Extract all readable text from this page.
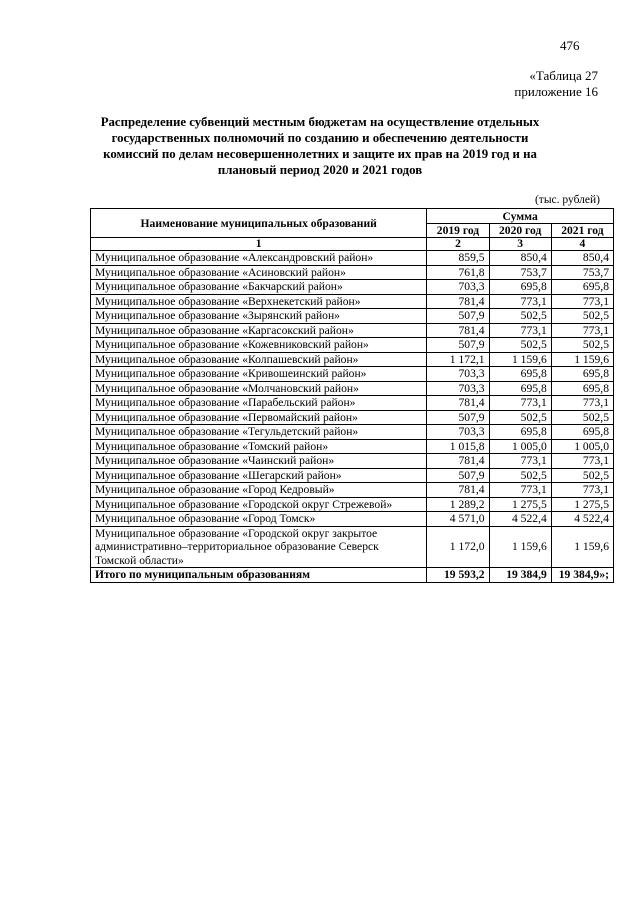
476
«Таблица 27
приложение 16
Распределение субвенций местным бюджетам на осуществление отдельных государственных полномочий по созданию и обеспечению деятельности комиссий по делам несовершеннолетних и защите их прав на 2019 год и на плановый период 2020 и 2021 годов
(тыс. рублей)
Наименование муниципальных образований	Сумма		
	2019 год	2020 год	2021 год
1	2	3	4
Муниципальное образование «Александровский район»	859,5	850,4	850,4
Муниципальное образование «Асиновский район»	761,8	753,7	753,7
Муниципальное образование «Бакчарский район»	703,3	695,8	695,8
Муниципальное образование «Верхнекетский район»	781,4	773,1	773,1
Муниципальное образование «Зырянский район»	507,9	502,5	502,5
Муниципальное образование «Каргасокский район»	781,4	773,1	773,1
Муниципальное образование «Кожевниковский район»	507,9	502,5	502,5
Муниципальное образование «Колпашевский район»	1 172,1	1 159,6	1 159,6
Муниципальное образование «Кривошеинский район»	703,3	695,8	695,8
Муниципальное образование «Молчановский район»	703,3	695,8	695,8
Муниципальное образование «Парабельский район»	781,4	773,1	773,1
Муниципальное образование «Первомайский район»	507,9	502,5	502,5
Муниципальное образование «Тегульдетский район»	703,3	695,8	695,8
Муниципальное образование «Томский район»	1 015,8	1 005,0	1 005,0
Муниципальное образование «Чаинский район»	781,4	773,1	773,1
Муниципальное образование «Шегарский район»	507,9	502,5	502,5
Муниципальное образование «Город Кедровый»	781,4	773,1	773,1
Муниципальное образование «Городской округ Стрежевой»	1 289,2	1 275,5	1 275,5
Муниципальное образование «Город Томск»	4 571,0	4 522,4	4 522,4
Муниципальное образование «Городской округ закрытое административно–территориальное образование Северск Томской области»	1 172,0	1 159,6	1 159,6
Итого по муниципальным образованиям	19 593,2	19 384,9	19 384,9»;
